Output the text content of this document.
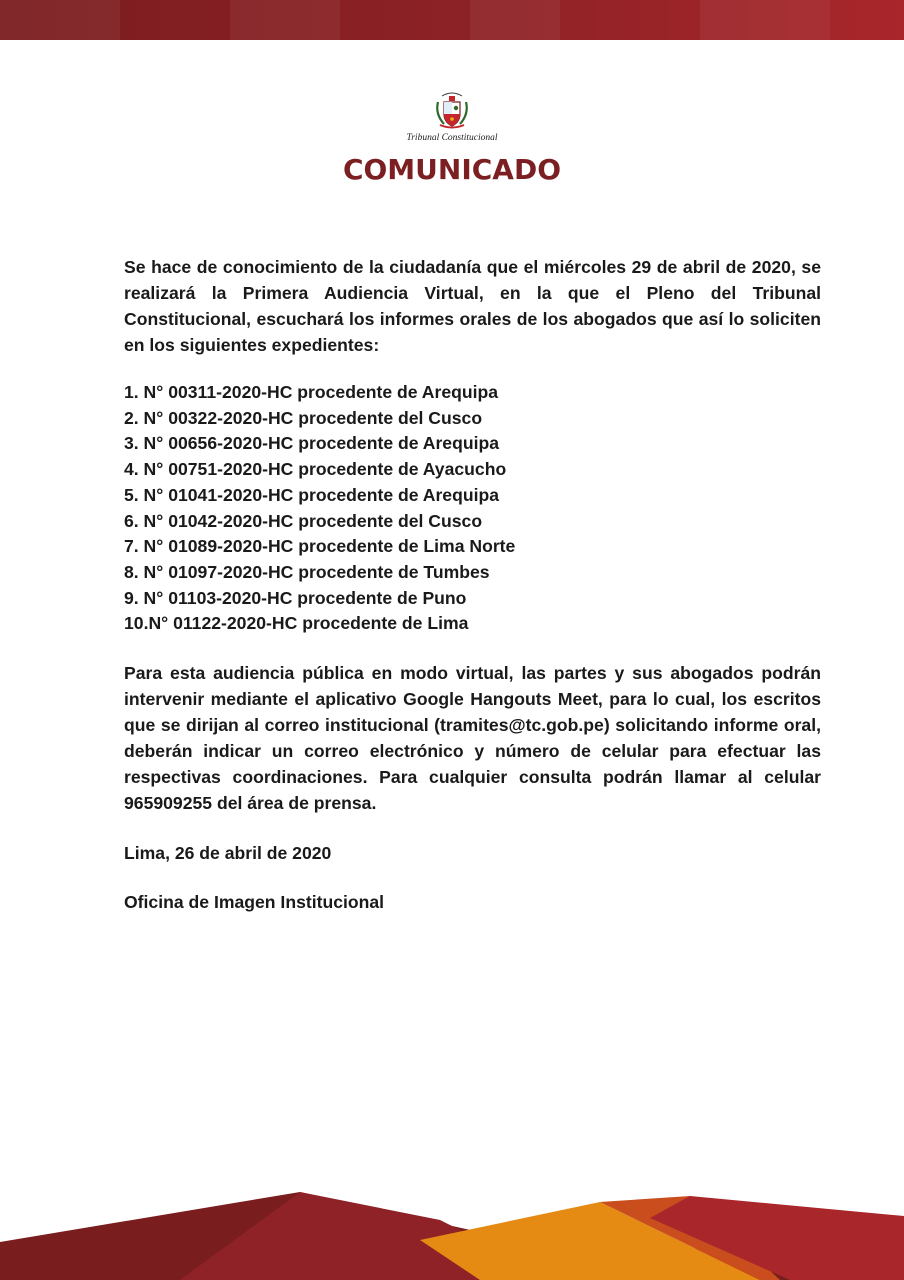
Tribunal Constitucional
COMUNICADO

Se hace de conocimiento de la ciudadanía que el miércoles 29 de abril de 2020, se realizará la Primera Audiencia Virtual, en la que el Pleno del Tribunal Constitucional, escuchará los informes orales de los abogados que así lo soliciten en los siguientes expedientes:

1. N° 00311-2020-HC procedente de Arequipa
2. N° 00322-2020-HC procedente del Cusco
3. N° 00656-2020-HC procedente de Arequipa
4. N° 00751-2020-HC procedente de Ayacucho
5. N° 01041-2020-HC procedente de Arequipa
6. N° 01042-2020-HC procedente del Cusco
7. N° 01089-2020-HC procedente de Lima Norte
8. N° 01097-2020-HC procedente de Tumbes
9. N° 01103-2020-HC procedente de Puno
10.N° 01122-2020-HC procedente de Lima

Para esta audiencia pública en modo virtual, las partes y sus abogados podrán intervenir mediante el aplicativo Google Hangouts Meet, para lo cual, los escritos que se dirijan al correo institucional (tramites@tc.gob.pe) solicitando informe oral, deberán indicar un correo electrónico y número de celular para efectuar las respectivas coordinaciones. Para cualquier consulta podrán llamar al celular 965909255 del área de prensa.

Lima, 26 de abril de 2020

Oficina de Imagen Institucional
